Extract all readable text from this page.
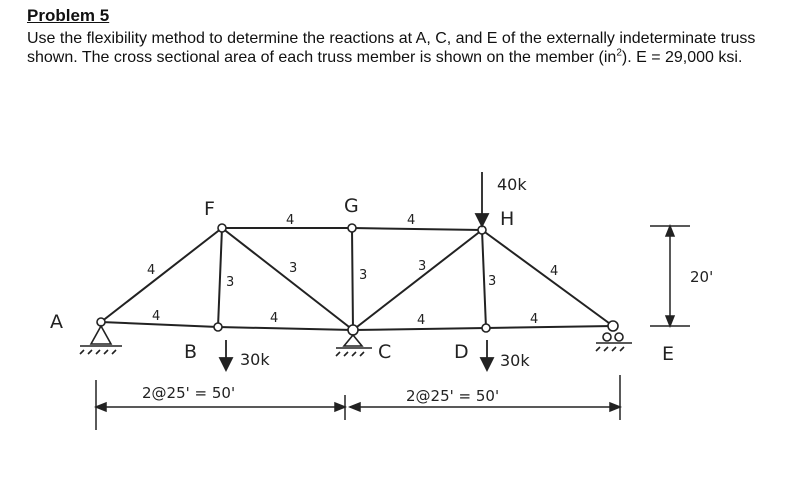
Problem 5
Use the flexibility method to determine the reactions at A, C, and E of the externally indeterminate truss shown. The cross sectional area of each truss member is shown on the member $(in^2)$. E = 29,000 ksi.
A
B	C	D	E
F	G
H
4
4
3
4
3
4
3
4
3
4
3
4
4
40k
30k	30k
2@25' = 50'	2@25' = 50'
20'
